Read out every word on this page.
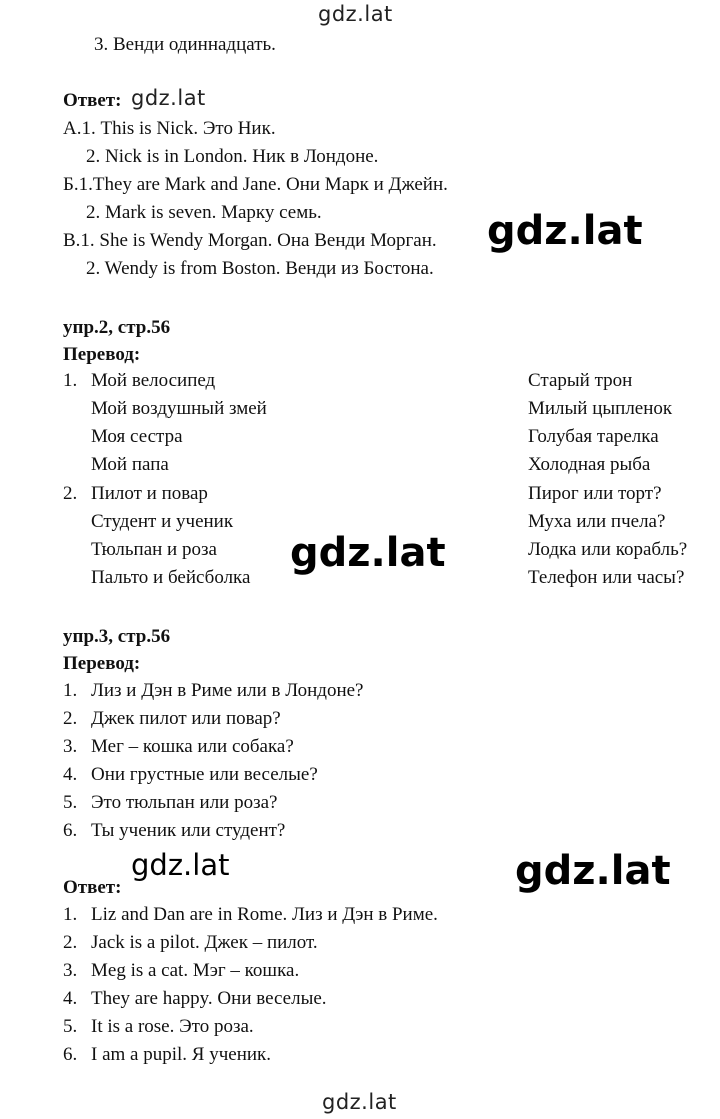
gdz.lat
gdz.lat
gdz.lat
gdz.lat
gdz.lat	gdz.lat
gdz.lat
3. Венди одиннадцать.
Ответ:
А.1. This is Nick. Это Ник.
2. Nick is in London. Ник в Лондоне.
Б.1.They are Mark and Jane. Они Марк и Джейн.
2. Mark is seven. Марку семь.
В.1. She is Wendy Morgan. Она Венди Морган.
2. Wendy is from Boston. Венди из Бостона.
упр.2, стр.56
Перевод:
1. Мой велосипед
Мой воздушный змей
Моя сестра
Мой папа
2. Пилот и повар
Студент и ученик
Тюльпан и роза
Пальто и бейсболка
Старый трон
Милый цыпленок
Голубая тарелка
Холодная рыба
Пирог или торт?
Муха или пчела?
Лодка или корабль?
Телефон или часы?
упр.3, стр.56
Перевод:
1. Лиз и Дэн в Риме или в Лондоне?
2. Джек пилот или повар?
3. Мег – кошка или собака?
4. Они грустные или веселые?
5. Это тюльпан или роза?
6. Ты ученик или студент?
Ответ:
1. Liz and Dan are in Rome. Лиз и Дэн в Риме.
2. Jack is a pilot. Джек – пилот.
3. Meg is a cat. Мэг – кошка.
4. They are happy. Они веселые.
5. It is a rose. Это роза.
6. I am a pupil. Я ученик.
